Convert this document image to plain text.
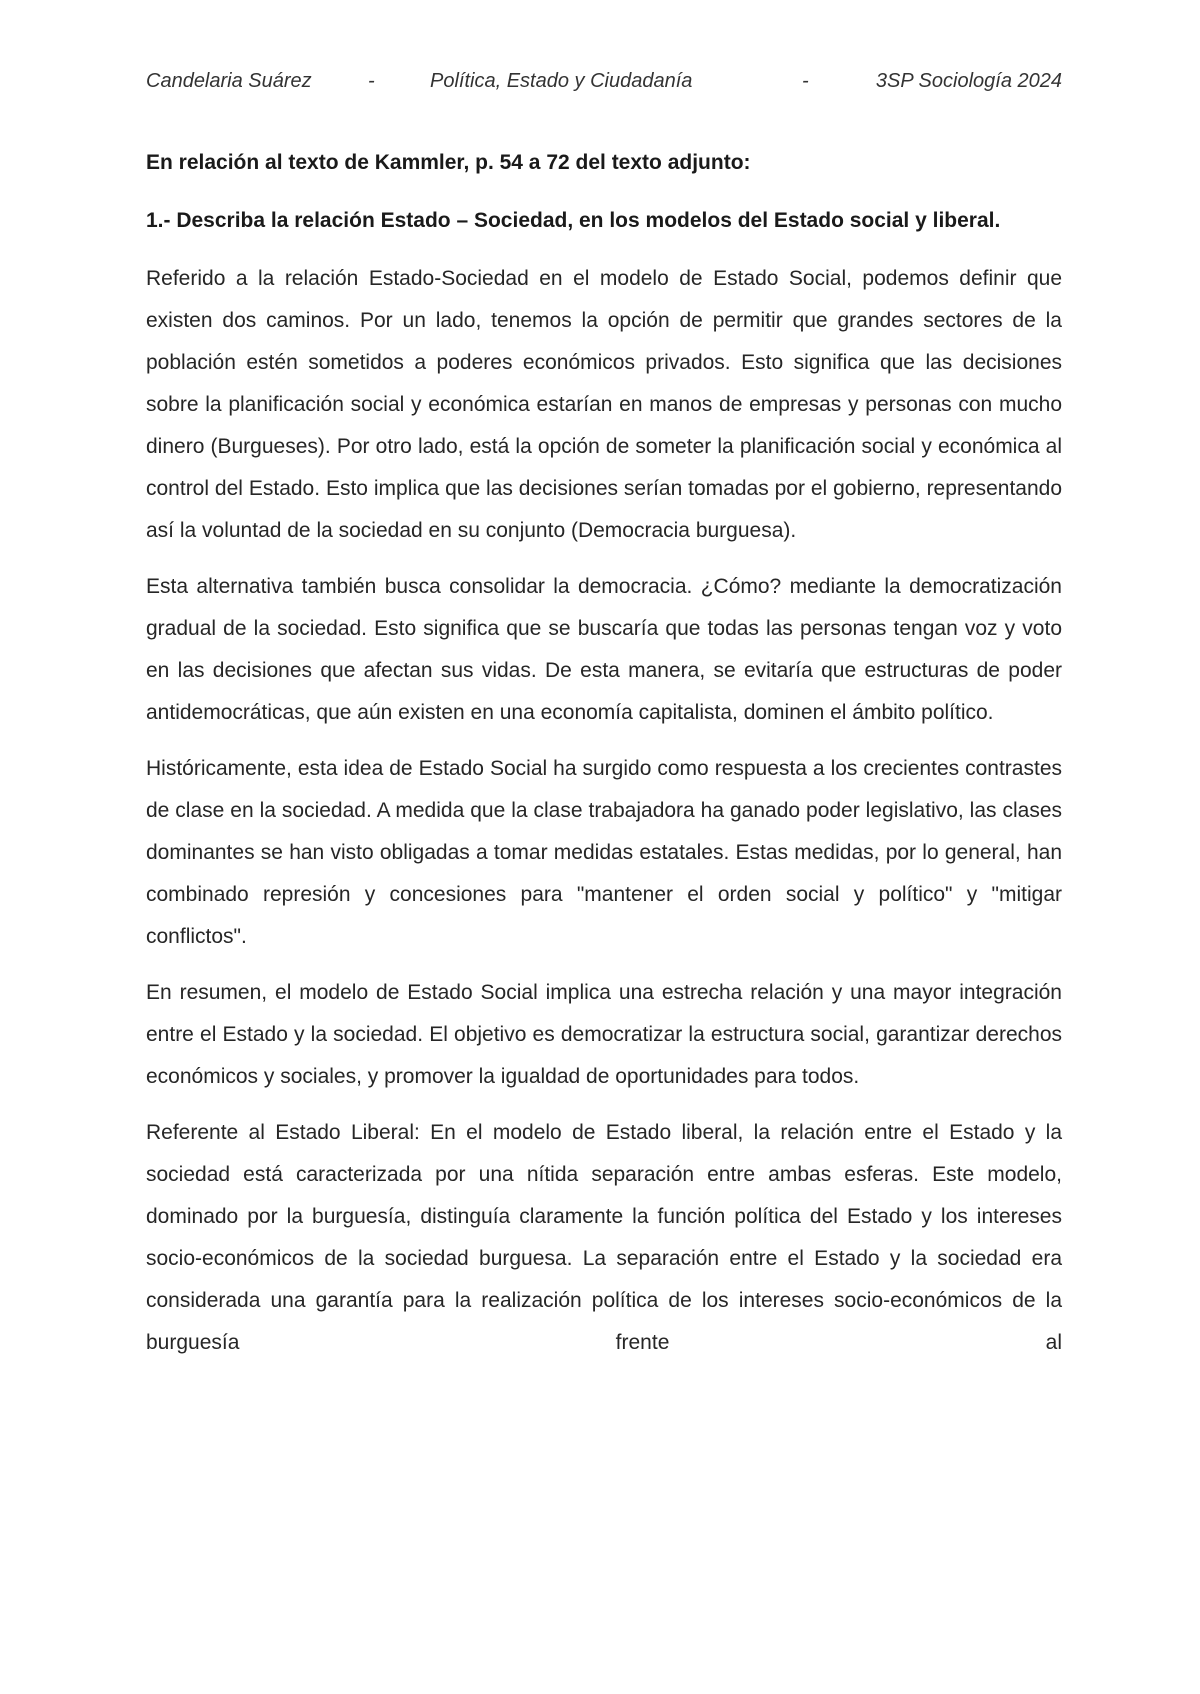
Candelaria Suárez	-	Política, Estado y Ciudadanía	-	3SP Sociología 2024

En relación al texto de Kammler, p. 54 a 72 del texto adjunto:

1.- Describa la relación Estado – Sociedad, en los modelos del Estado social y liberal.

Referido a la relación Estado-Sociedad en el modelo de Estado Social, podemos definir que existen dos caminos. Por un lado, tenemos la opción de permitir que grandes sectores de la población estén sometidos a poderes económicos privados. Esto significa que las decisiones sobre la planificación social y económica estarían en manos de empresas y personas con mucho dinero (Burgueses). Por otro lado, está la opción de someter la planificación social y económica al control del Estado. Esto implica que las decisiones serían tomadas por el gobierno, representando así la voluntad de la sociedad en su conjunto (Democracia burguesa).

Esta alternativa también busca consolidar la democracia. ¿Cómo? mediante la democratización gradual de la sociedad. Esto significa que se buscaría que todas las personas tengan voz y voto en las decisiones que afectan sus vidas. De esta manera, se evitaría que estructuras de poder antidemocráticas, que aún existen en una economía capitalista, dominen el ámbito político.

Históricamente, esta idea de Estado Social ha surgido como respuesta a los crecientes contrastes de clase en la sociedad. A medida que la clase trabajadora ha ganado poder legislativo, las clases dominantes se han visto obligadas a tomar medidas estatales. Estas medidas, por lo general, han combinado represión y concesiones para "mantener el orden social y político" y "mitigar conflictos".

En resumen, el modelo de Estado Social implica una estrecha relación y una mayor integración entre el Estado y la sociedad. El objetivo es democratizar la estructura social, garantizar derechos económicos y sociales, y promover la igualdad de oportunidades para todos.

Referente al Estado Liberal: En el modelo de Estado liberal, la relación entre el Estado y la sociedad está caracterizada por una nítida separación entre ambas esferas. Este modelo, dominado por la burguesía, distinguía claramente la función política del Estado y los intereses socio-económicos de la sociedad burguesa. La separación entre el Estado y la sociedad era considerada una garantía para la realización política de los intereses socio-económicos de la burguesía frente al
